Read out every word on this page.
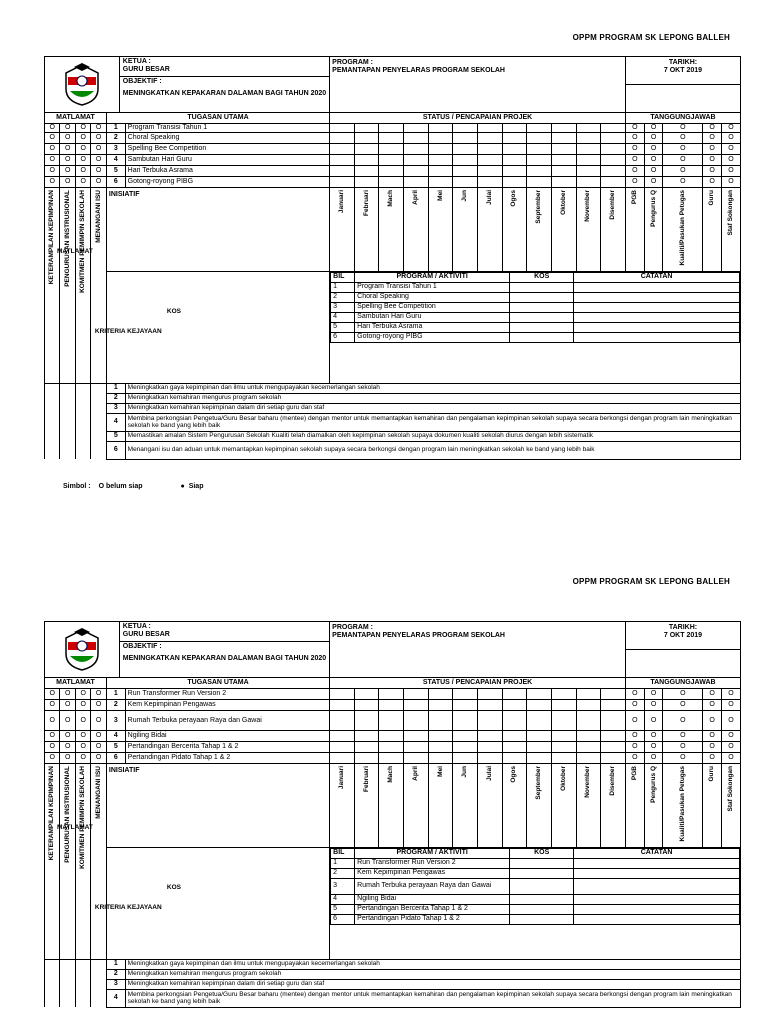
OPPM PROGRAM SK LEPONG BALLEH
KETUA :
GURU BESAR
OBJEKTIF :
MENINGKATKAN KEPAKARAN DALAMAN BAGI TAHUN 2020

PROGRAM :
PEMANTAPAN PENYELARAS PROGRAM SEKOLAH

TARIKH:
7 OKT 2019

MATLAMAT	TUGASAN UTAMA	STATUS / PENCAPAIAN PROJEK	TANGGUNGJAWAB
O	O	O	O	1	Program Transisi Tahun 1													O	O	O	O	O
O	O	O	O	2	Choral Speaking													O	O	O	O	O
O	O	O	O	3	Spelling Bee Competition													O	O	O	O	O
O	O	O	O	4	Sambutan Hari Guru													O	O	O	O	O
O	O	O	O	5	Hari Terbuka Asrama													O	O	O	O	O
O	O	O	O	6	Gotong-royong PIBG													O	O	O	O	O
KETERAMPILAN KEPIMPINAN MATLAMAT
	PENGURUSAN INSTRUSIONAL	KOMITMEN PEMIMPIN SEKOLAH	MENANGANI ISU	INISIATIF	Januari	Februari	Mach	April	Mei	Jun	Julai	Ogos	September	Oktober	November	Disember	PGB	Pengurus Q	Kualiti/Pasukan Petugas	Guru	Staf Sokongan

KOS
KRITERIA KEJAYAAN

BIL	PROGRAM / AKTIVITI	KOS	CATATAN
1	Program Transisi Tahun 1		
2	Choral Speaking		
3	Spelling Bee Competition		
4	Sambutan Hari Guru		
5	Hari Terbuka Asrama		
6	Gotong-royong PIBG		

				1	Meningkatkan gaya kepimpinan dan ilmu untuk mengupayakan kecemerlangan sekolah
				2	Meningkatkan kemahiran mengurus program sekolah
				3	Meningkatkan kemahiran kepimpinan dalam diri setiap guru dan staf
				4	Membina perkongsian Pengetua/Guru Besar baharu (mentee) dengan mentor untuk memantapkan kemahiran dan pengalaman kepimpinan sekolah supaya secara berkongsi dengan program lain meningkatkan sekolah ke band yang lebih baik
				5	Memastikan amalan Sistem Pengurusan Sekolah Kualiti telah diamalkan oleh kepimpinan sekolah supaya dokumen kualiti sekolah diurus dengan lebih sistematik
				6	Menangani isu dan aduan untuk memantapkan kepimpinan sekolah supaya secara berkongsi dengan program lain meningkatkan sekolah ke band yang lebih baik
Simbol : O belum siap	● Siap
OPPM PROGRAM SK LEPONG BALLEH
KETUA :
GURU BESAR
OBJEKTIF :
MENINGKATKAN KEPAKARAN DALAMAN BAGI TAHUN 2020

PROGRAM :
PEMANTAPAN PENYELARAS PROGRAM SEKOLAH

TARIKH:
7 OKT 2019

MATLAMAT	TUGASAN UTAMA	STATUS / PENCAPAIAN PROJEK	TANGGUNGJAWAB
O	O	O	O	1	Run Transformer Run Version 2													O	O	O	O	O
O	O	O	O	2	Kem Kepimpinan Pengawas													O	O	O	O	O
O	O	O	O	3	Rumah Terbuka perayaan Raya dan Gawai													O	O	O	O	O
O	O	O	O	4	Ngiling Bidai													O	O	O	O	O
O	O	O	O	5	Pertandingan Bercerita Tahap 1 & 2													O	O	O	O	O
O	O	O	O	6	Pertandingan Pidato Tahap 1 & 2													O	O	O	O	O
KETERAMPILAN KEPIMPINAN MATLAMAT
	PENGURUSAN INSTRUSIONAL	KOMITMEN PEMIMPIN SEKOLAH	MENANGANI ISU	INISIATIF	Januari	Februari	Mach	April	Mei	Jun	Julai	Ogos	September	Oktober	November	Disember	PGB	Pengurus Q	Kualiti/Pasukan Petugas	Guru	Staf Sokongan

KOS
KRITERIA KEJAYAAN

BIL	PROGRAM / AKTIVITI	KOS	CATATAN
1	Run Transformer Run Version 2		
2	Kem Kepimpinan Pengawas		
3	Rumah Terbuka perayaan Raya dan Gawai		
4	Ngiling Bidai		
5	Pertandingan Bercerita Tahap 1 & 2		
6	Pertandingan Pidato Tahap 1 & 2		

				1	Meningkatkan gaya kepimpinan dan ilmu untuk mengupayakan kecemerlangan sekolah
				2	Meningkatkan kemahiran mengurus program sekolah
				3	Meningkatkan kemahiran kepimpinan dalam diri setiap guru dan staf
				4	Membina perkongsian Pengetua/Guru Besar baharu (mentee) dengan mentor untuk memantapkan kemahiran dan pengalaman kepimpinan sekolah supaya secara berkongsi dengan program lain meningkatkan sekolah ke band yang lebih baik
